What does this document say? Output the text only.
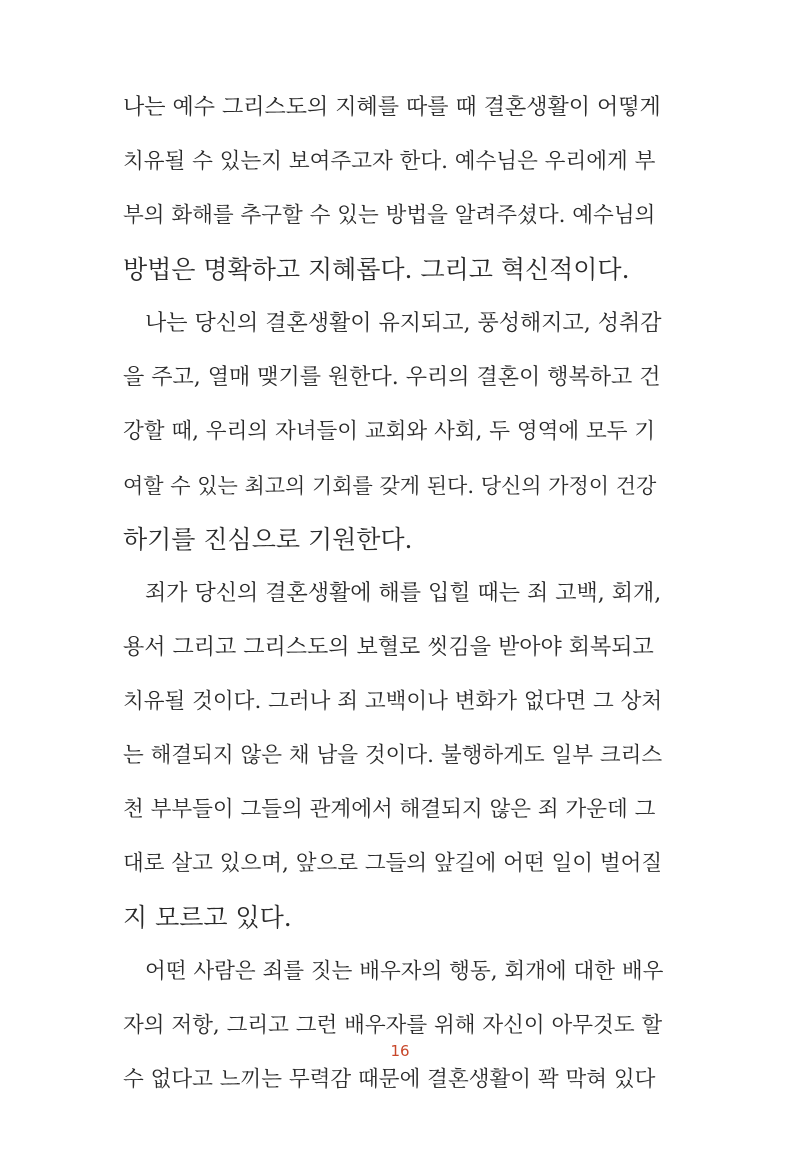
나는 예수 그리스도의 지혜를 따를 때 결혼생활이 어떻게
치유될 수 있는지 보여주고자 한다. 예수님은 우리에게 부
부의 화해를 추구할 수 있는 방법을 알려주셨다. 예수님의
방법은 명확하고 지혜롭다. 그리고 혁신적이다.
나는 당신의 결혼생활이 유지되고, 풍성해지고, 성취감
을 주고, 열매 맺기를 원한다. 우리의 결혼이 행복하고 건
강할 때, 우리의 자녀들이 교회와 사회, 두 영역에 모두 기
여할 수 있는 최고의 기회를 갖게 된다. 당신의 가정이 건강
하기를 진심으로 기원한다.
죄가 당신의 결혼생활에 해를 입힐 때는 죄 고백, 회개,
용서 그리고 그리스도의 보혈로 씻김을 받아야 회복되고
치유될 것이다. 그러나 죄 고백이나 변화가 없다면 그 상처
는 해결되지 않은 채 남을 것이다. 불행하게도 일부 크리스
천 부부들이 그들의 관계에서 해결되지 않은 죄 가운데 그
대로 살고 있으며, 앞으로 그들의 앞길에 어떤 일이 벌어질
지 모르고 있다.
어떤 사람은 죄를 짓는 배우자의 행동, 회개에 대한 배우
자의 저항, 그리고 그런 배우자를 위해 자신이 아무것도 할
수 없다고 느끼는 무력감 때문에 결혼생활이 꽉 막혀 있다
16
